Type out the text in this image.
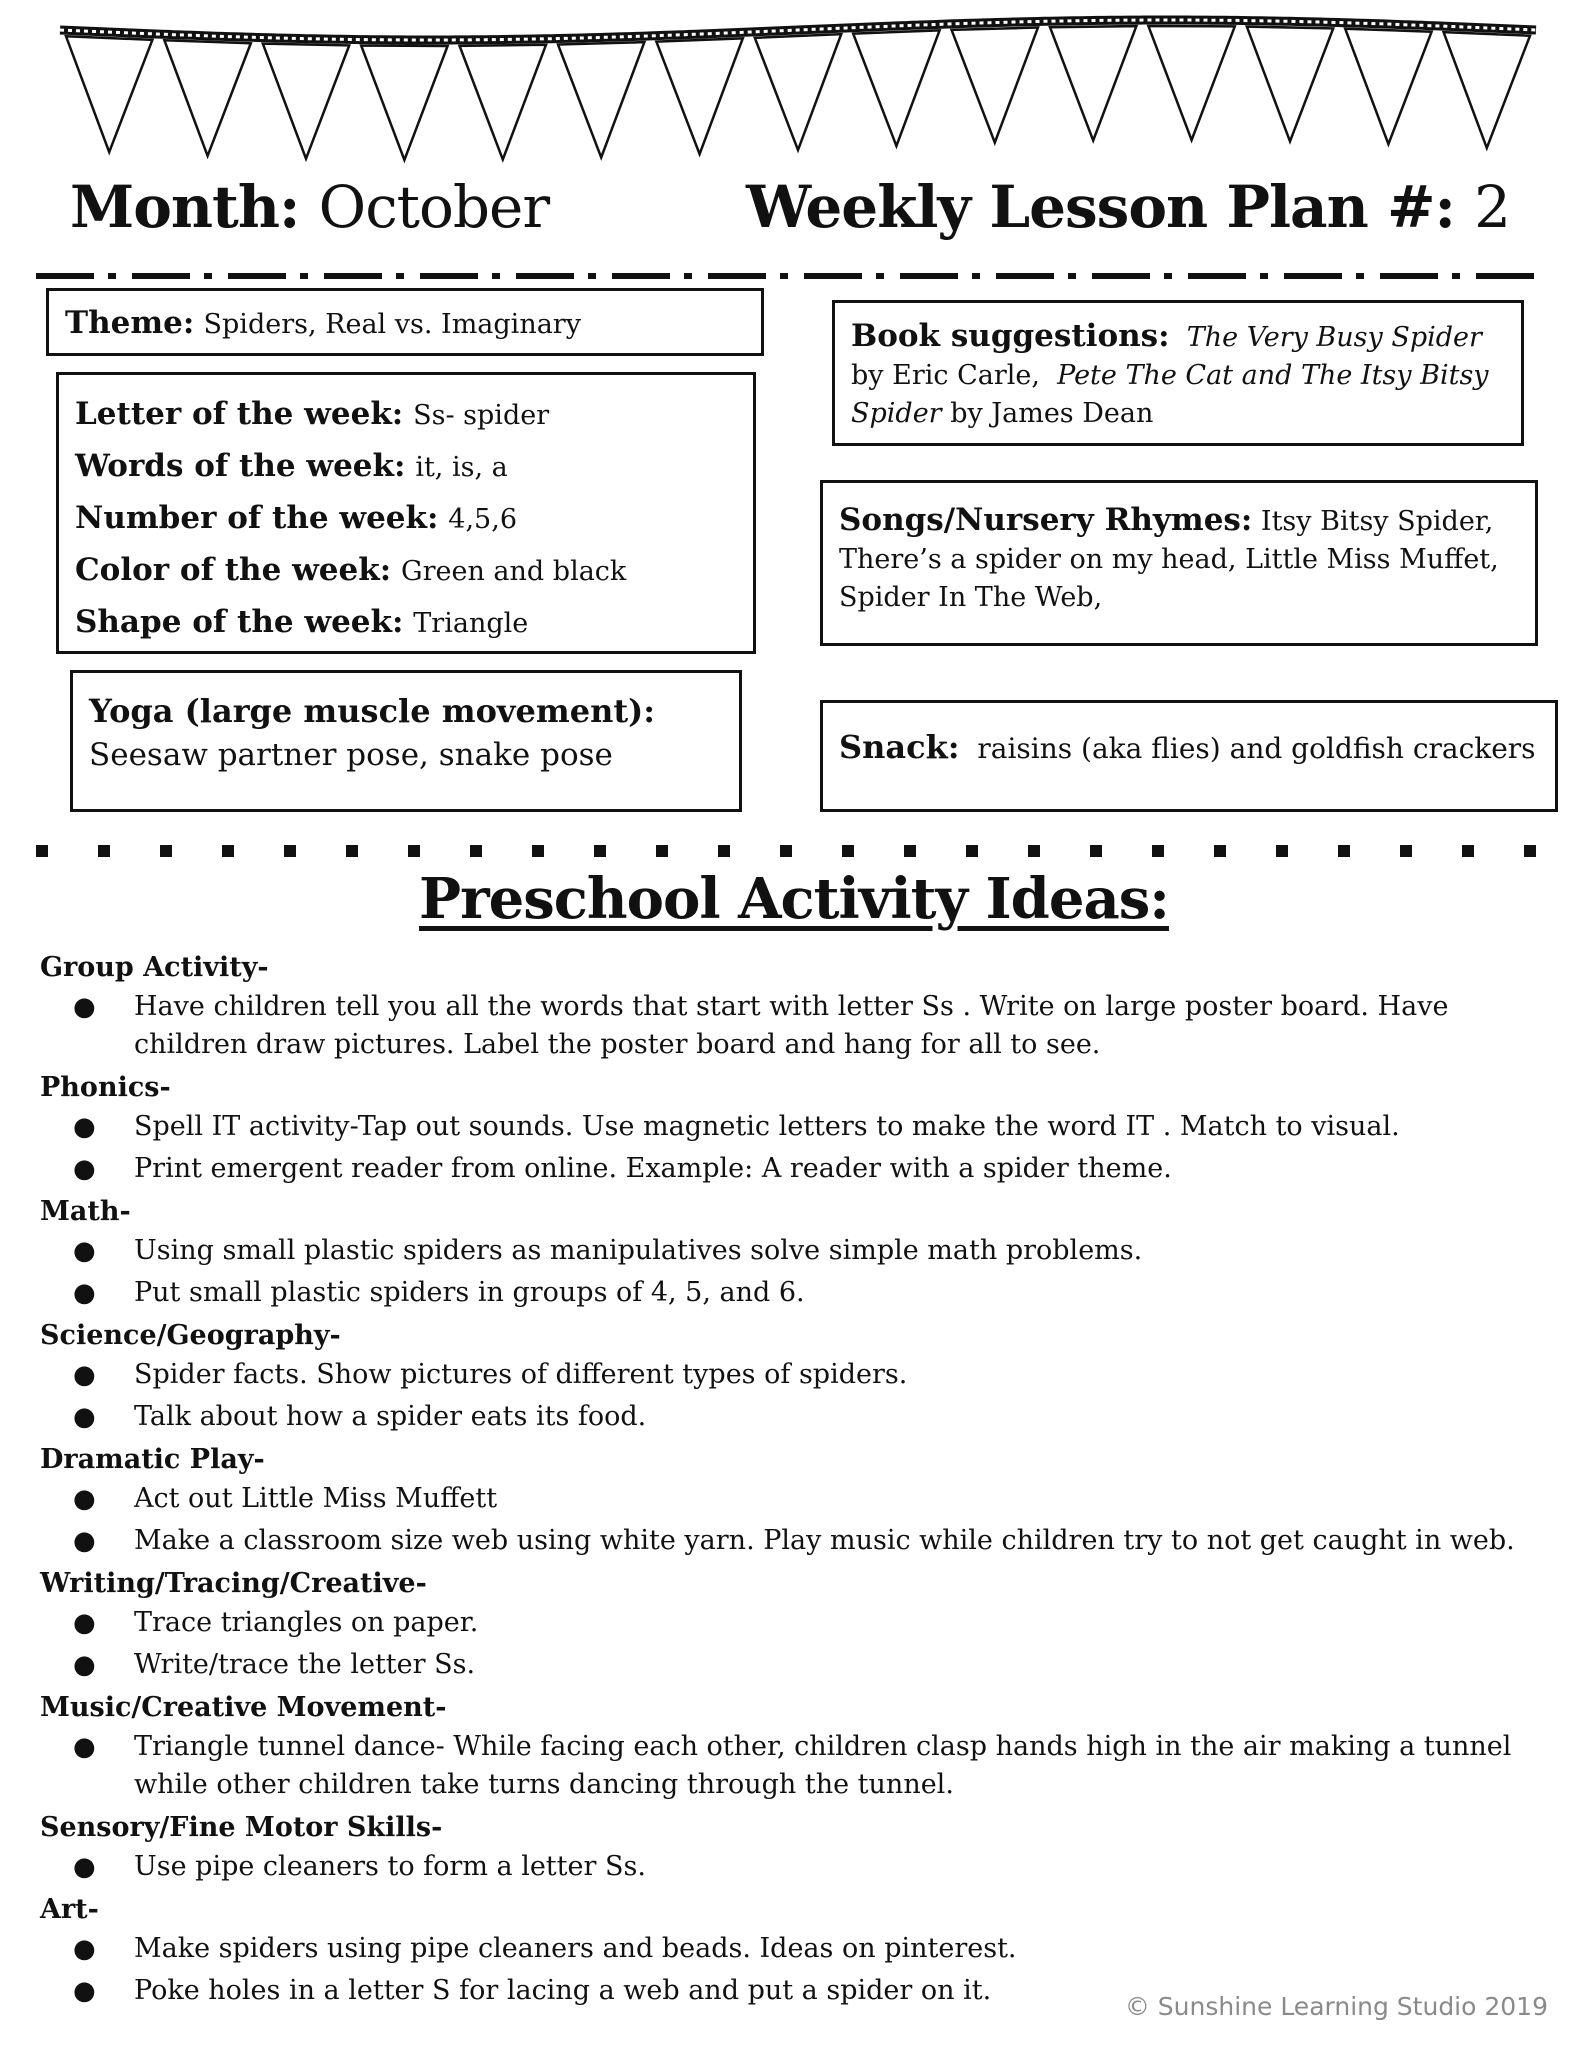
Month: October	Weekly Lesson Plan #: 2
Theme: Spiders, Real vs. Imaginary
Letter of the week: Ss- spider
Words of the week: it, is, a
Number of the week: 4,5,6
Color of the week: Green and black
Shape of the week: Triangle
Yoga (large muscle movement):
Seesaw partner pose, snake pose
Book suggestions: The Very Busy Spider by Eric Carle, Pete The Cat and The Itsy Bitsy Spider by James Dean
Songs/Nursery Rhymes: Itsy Bitsy Spider, There’s a spider on my head, Little Miss Muffet, Spider In The Web,
Snack: raisins (aka flies) and goldfish crackers
Preschool Activity Ideas:
Group Activity-
● Have children tell you all the words that start with letter Ss . Write on large poster board. Have children draw pictures. Label the poster board and hang for all to see.
Phonics-
● Spell IT activity-Tap out sounds. Use magnetic letters to make the word IT . Match to visual.
● Print emergent reader from online. Example: A reader with a spider theme.
Math-
● Using small plastic spiders as manipulatives solve simple math problems.
● Put small plastic spiders in groups of 4, 5, and 6.
Science/Geography-
● Spider facts. Show pictures of different types of spiders.
● Talk about how a spider eats its food.
Dramatic Play-
● Act out Little Miss Muffett
● Make a classroom size web using white yarn. Play music while children try to not get caught in web.
Writing/Tracing/Creative-
● Trace triangles on paper.
● Write/trace the letter Ss.
Music/Creative Movement-
● Triangle tunnel dance- While facing each other, children clasp hands high in the air making a tunnel while other children take turns dancing through the tunnel.
Sensory/Fine Motor Skills-
● Use pipe cleaners to form a letter Ss.
Art-
● Make spiders using pipe cleaners and beads. Ideas on pinterest.
● Poke holes in a letter S for lacing a web and put a spider on it.
© Sunshine Learning Studio 2019
